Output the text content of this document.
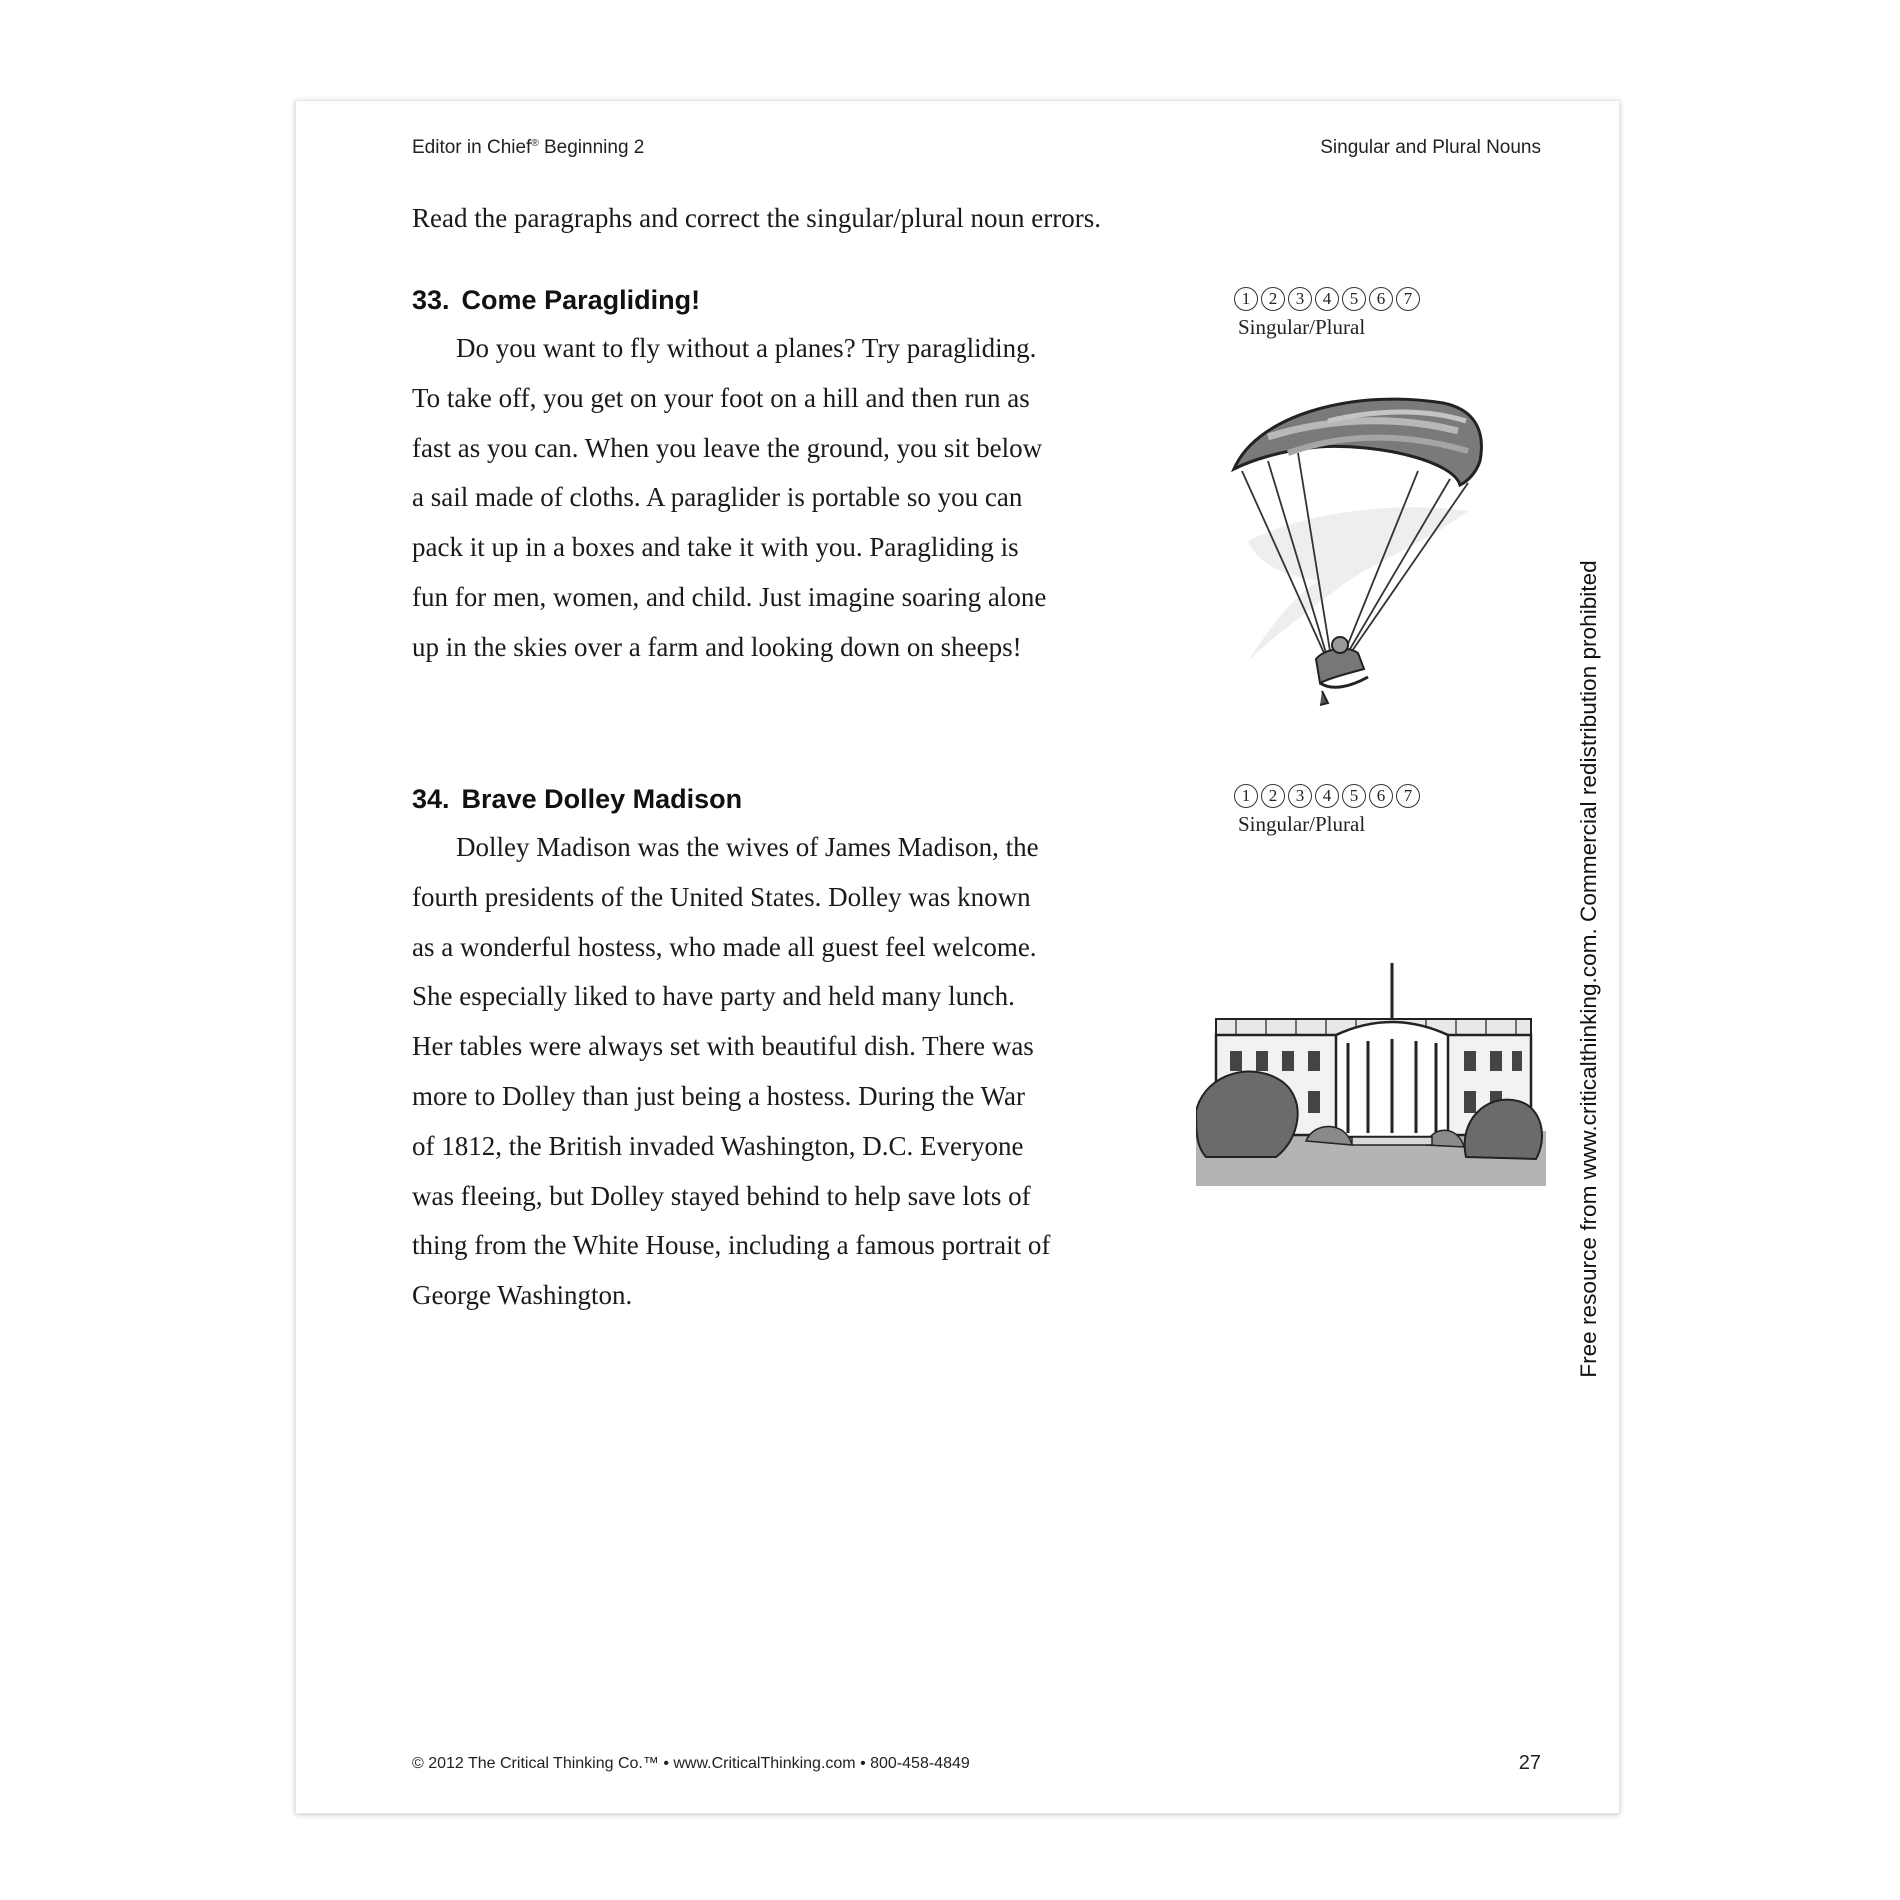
Editor in Chief® Beginning 2	Singular and Plural Nouns
Read the paragraphs and correct the singular/plural noun errors.
33. Come Paragliding!

Do you want to fly without a planes? Try paragliding.
To take off, you get on your foot on a hill and then run as
fast as you can. When you leave the ground, you sit below
a sail made of cloths. A paraglider is portable so you can
pack it up in a boxes and take it with you. Paragliding is
fun for men, women, and child. Just imagine soaring alone
up in the skies over a farm and looking down on sheeps!

1	2	3	4	5	6	7
Singular/Plural
34. Brave Dolley Madison

Dolley Madison was the wives of James Madison, the
fourth presidents of the United States. Dolley was known
as a wonderful hostess, who made all guest feel welcome.
She especially liked to have party and held many lunch.
Her tables were always set with beautiful dish. There was
more to Dolley than just being a hostess. During the War
of 1812, the British invaded Washington, D.C. Everyone
was fleeing, but Dolley stayed behind to help save lots of
thing from the White House, including a famous portrait of
George Washington.

1	2	3	4	5	6	7
Singular/Plural
© 2012 The Critical Thinking Co.™ • www.CriticalThinking.com • 800-458-4849	27
Free resource from www.criticalthinking.com. Commercial redistribution prohibited
